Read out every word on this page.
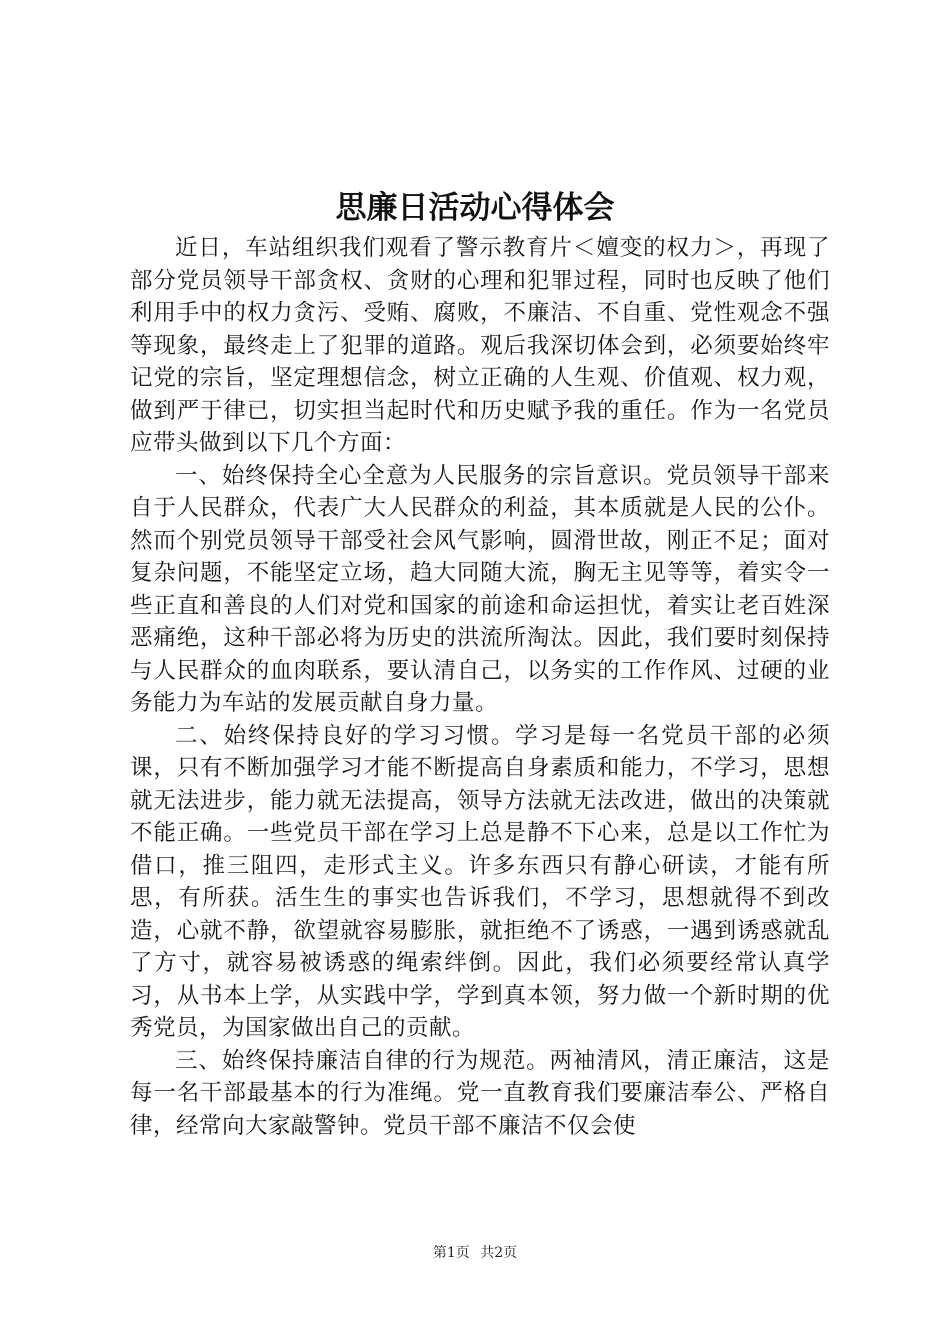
思廉日活动心得体会

近日，车站组织我们观看了警示教育片＜嬗变的权力＞，再现了部分党员领导干部贪权、贪财的心理和犯罪过程，同时也反映了他们利用手中的权力贪污、受贿、腐败，不廉洁、不自重、党性观念不强等现象，最终走上了犯罪的道路。观后我深切体会到，必须要始终牢记党的宗旨，坚定理想信念，树立正确的人生观、价值观、权力观，做到严于律已，切实担当起时代和历史赋予我的重任。作为一名党员应带头做到以下几个方面：

一、始终保持全心全意为人民服务的宗旨意识。党员领导干部来自于人民群众，代表广大人民群众的利益，其本质就是人民的公仆。然而个别党员领导干部受社会风气影响，圆滑世故，刚正不足；面对复杂问题，不能坚定立场，趋大同随大流，胸无主见等等，着实令一些正直和善良的人们对党和国家的前途和命运担忧，着实让老百姓深恶痛绝，这种干部必将为历史的洪流所淘汰。因此，我们要时刻保持与人民群众的血肉联系，要认清自己，以务实的工作作风、过硬的业务能力为车站的发展贡献自身力量。

二、始终保持良好的学习习惯。学习是每一名党员干部的必须课，只有不断加强学习才能不断提高自身素质和能力，不学习，思想就无法进步，能力就无法提高，领导方法就无法改进，做出的决策就不能正确。一些党员干部在学习上总是静不下心来，总是以工作忙为借口，推三阻四，走形式主义。许多东西只有静心研读，才能有所思，有所获。活生生的事实也告诉我们，不学习，思想就得不到改造，心就不静，欲望就容易膨胀，就拒绝不了诱惑，一遇到诱惑就乱了方寸，就容易被诱惑的绳索绊倒。因此，我们必须要经常认真学习，从书本上学，从实践中学，学到真本领，努力做一个新时期的优秀党员，为国家做出自己的贡献。

三、始终保持廉洁自律的行为规范。两袖清风，清正廉洁，这是每一名干部最基本的行为准绳。党一直教育我们要廉洁奉公、严格自律，经常向大家敲警钟。党员干部不廉洁不仅会使

第1页 共2页
